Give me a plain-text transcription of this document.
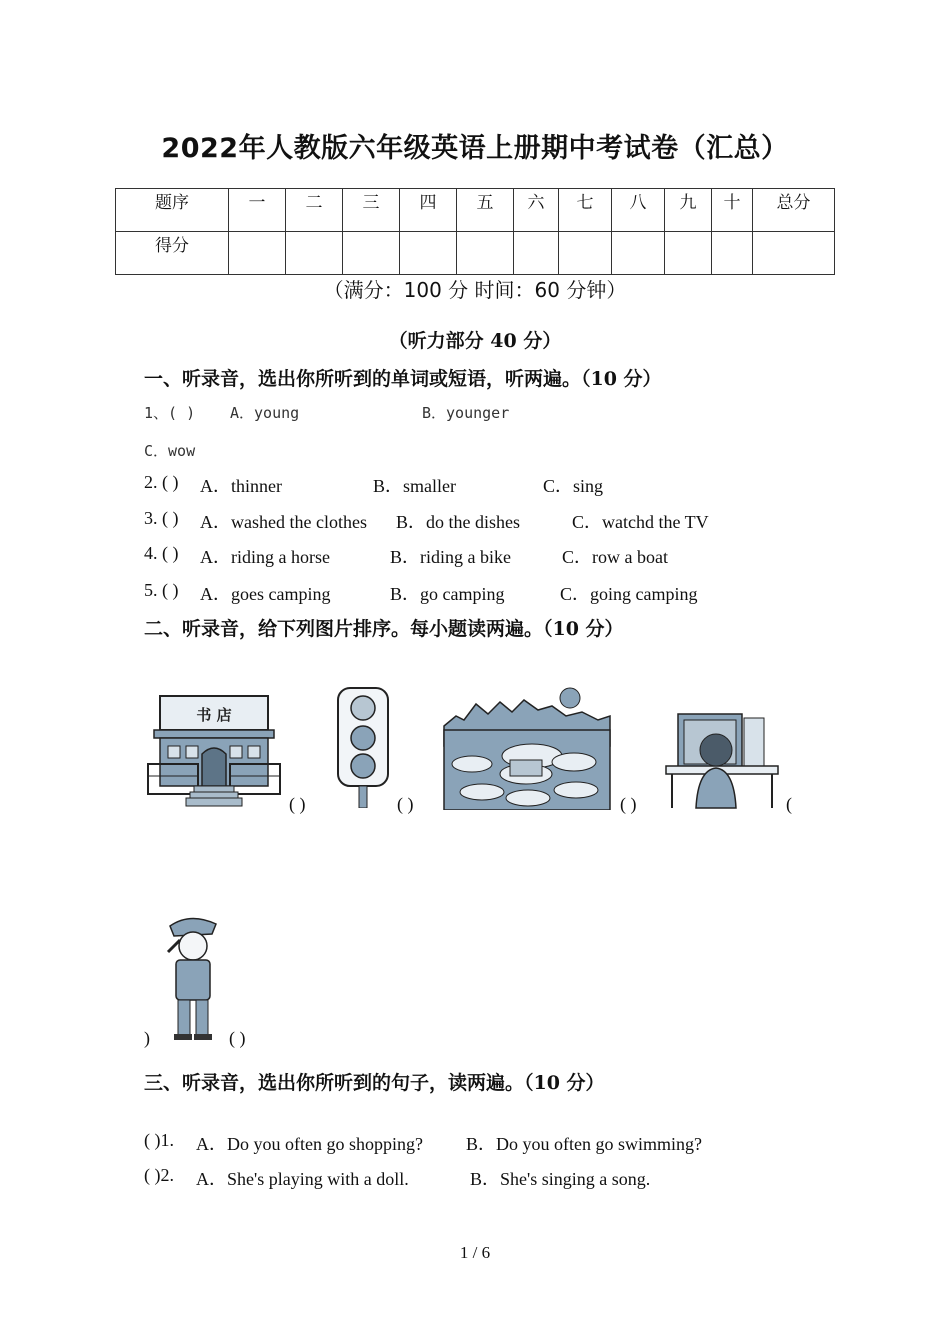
2022年人教版六年级英语上册期中考试卷（汇总）
题序	一	二	三	四	五	六	七	八	九	十	总分
得分											
（满分：100 分 时间：60 分钟）
（听力部分 40 分）
一、听录音，选出你所听到的单词或短语，听两遍。（10 分）
1、( ) A．young	B．younger
C．wow
2. ( ) A．thinner	B．smaller	C．sing
3. ( ) A．washed the clothes B．do the dishes	C．watchd the TV
4. ( ) A．riding a horse	B．riding a bike	C．row a boat
5. ( ) A．goes camping	B．go camping	C．going camping
二、听录音，给下列图片排序。每小题读两遍。（10 分）
书 店
( )	( )	( )	(
)	( )
三、听录音，选出你所听到的句子，读两遍。（10 分）
( )1. A．Do you often go shopping? B．Do you often go swimming?
( )2. A．She's playing with a doll.	B．She's singing a song.
1 / 6
